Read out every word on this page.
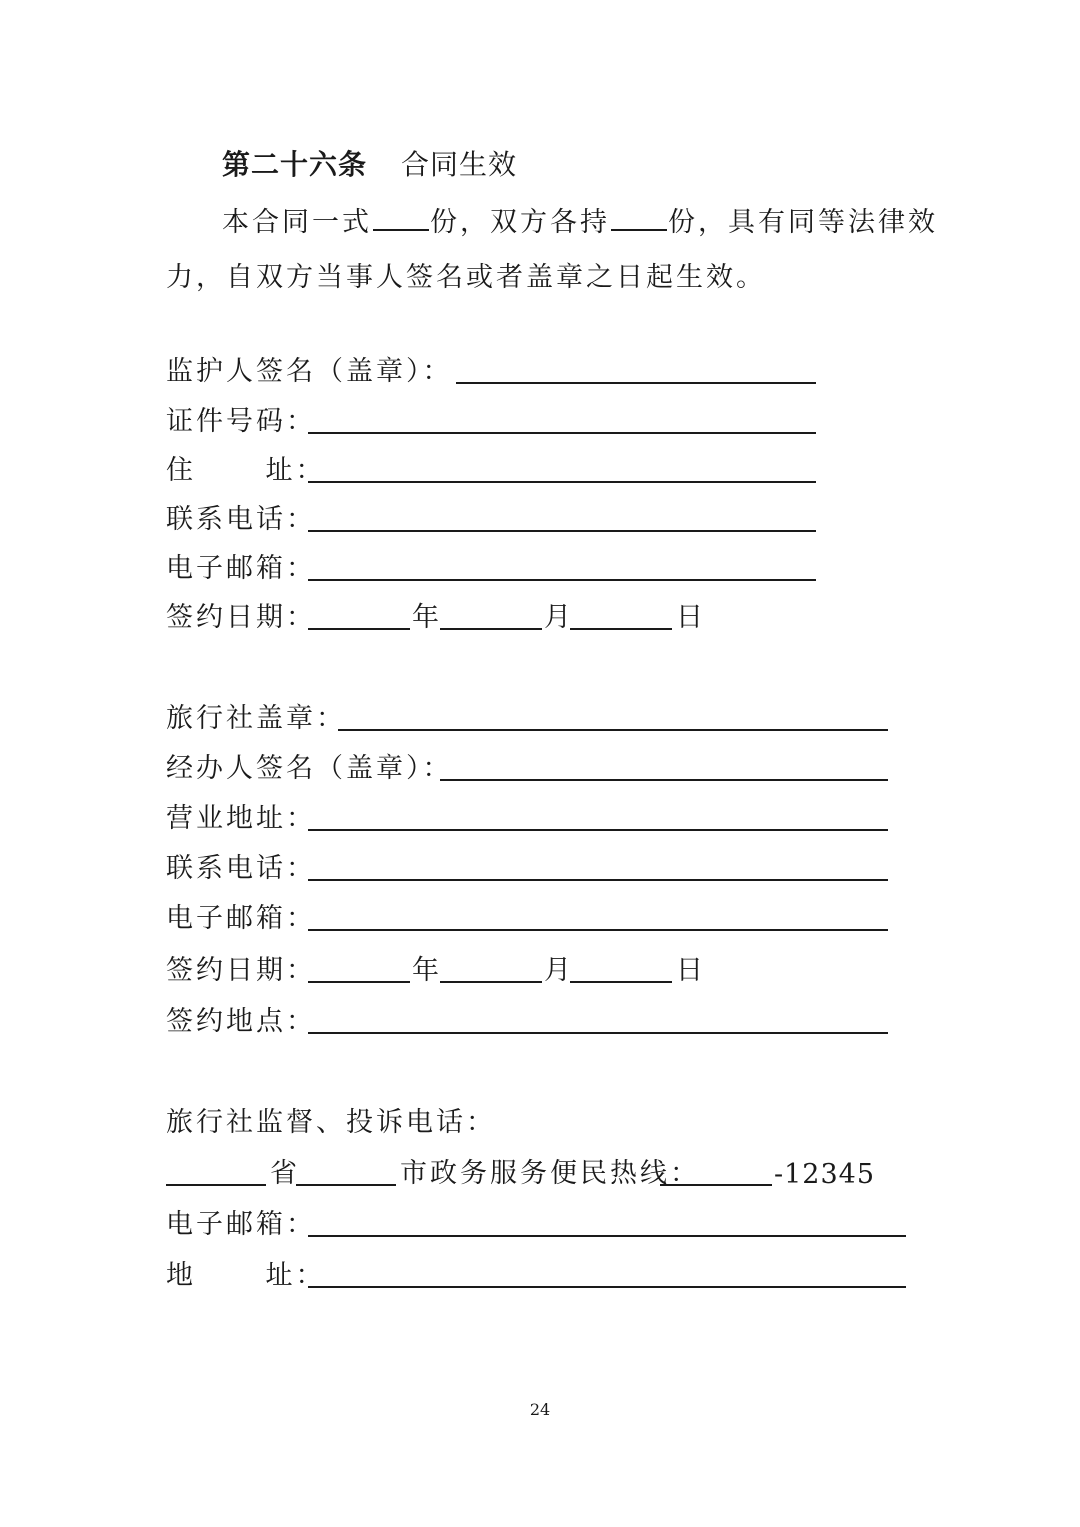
第二十六条 合同生效
本合同一式 份，双方各持 份，具有同等法律效
力，自双方当事人签名或者盖章之日起生效。
监护人签名（盖章）：
证件号码：
住      址：
联系电话：
电子邮箱：
签约日期：	年	月	日
旅行社盖章：
经办人签名（盖章）：
营业地址：
联系电话：
电子邮箱：
签约日期：	年	月	日
签约地点：
旅行社监督、投诉电话：
省	市政务服务便民热线：	-12345
电子邮箱：
地      址：
24
